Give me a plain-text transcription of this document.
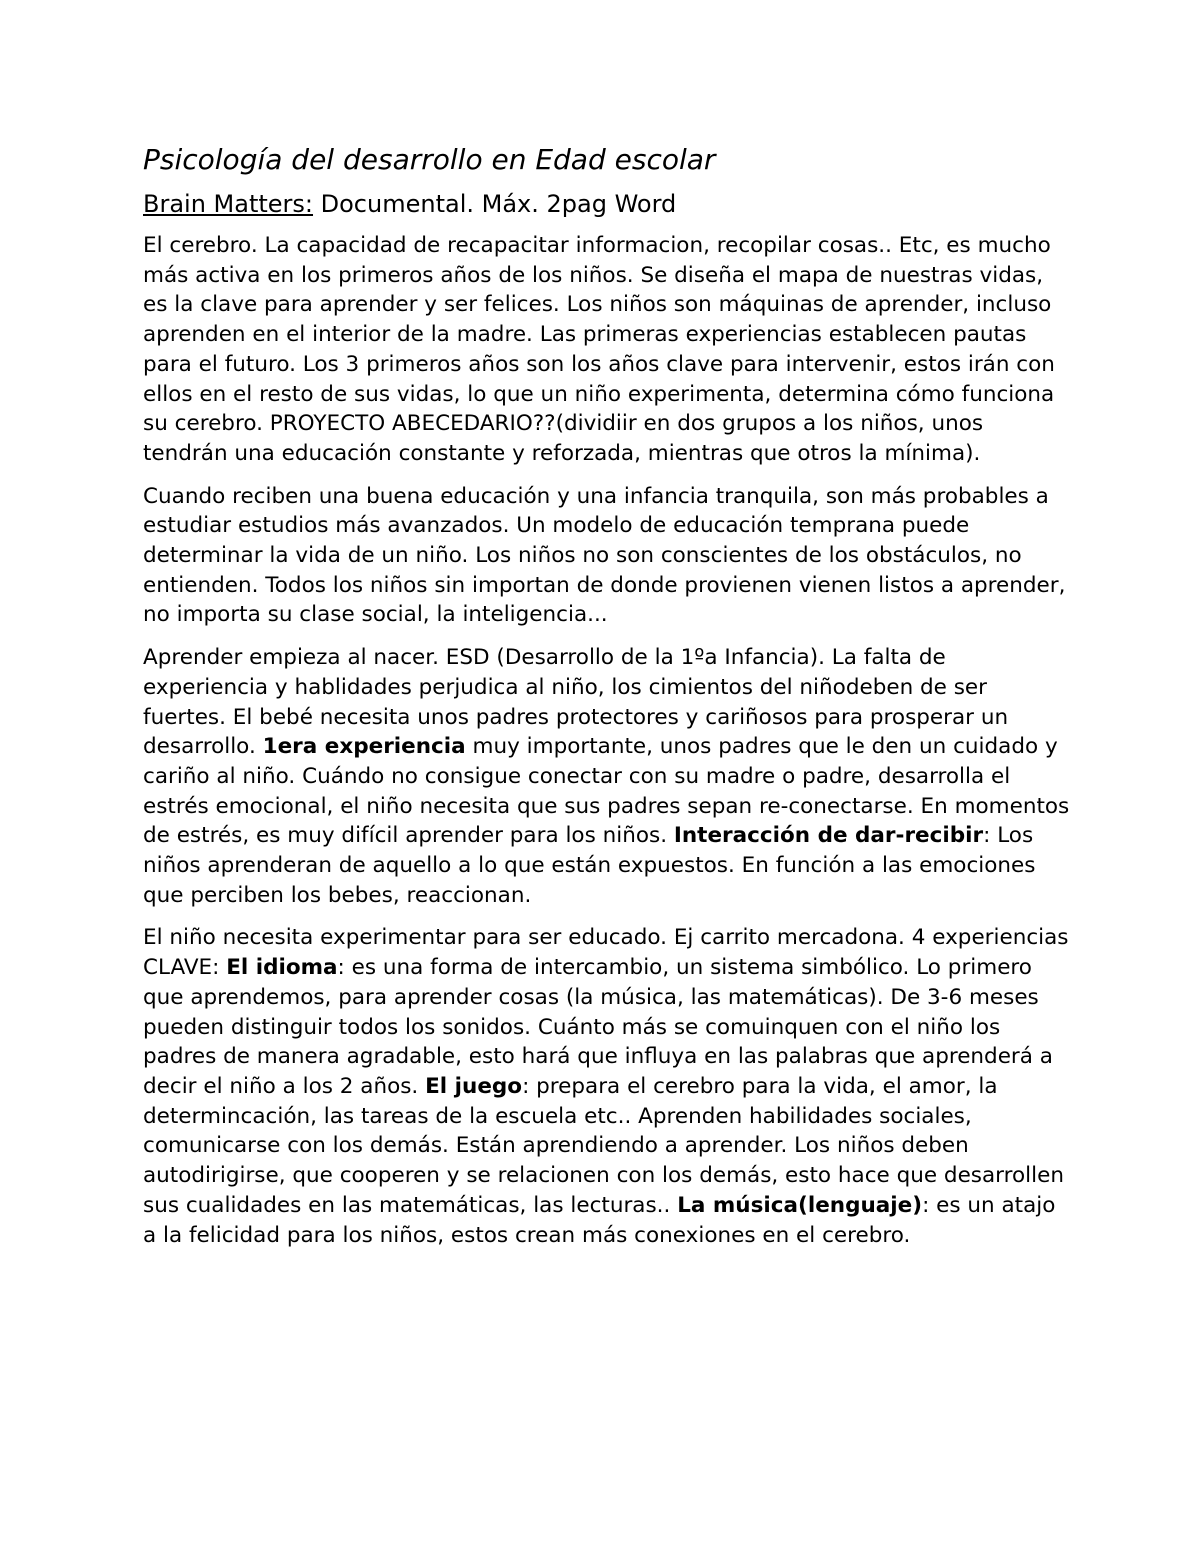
Psicología del desarrollo en Edad escolar
Brain Matters: Documental. Máx. 2pag Word

El cerebro. La capacidad de recapacitar informacion, recopilar cosas.. Etc, es mucho más activa en los primeros años de los niños. Se diseña el mapa de nuestras vidas, es la clave para aprender y ser felices. Los niños son máquinas de aprender, incluso aprenden en el interior de la madre. Las primeras experiencias establecen pautas para el futuro. Los 3 primeros años son los años clave para intervenir, estos irán con ellos en el resto de sus vidas, lo que un niño experimenta, determina cómo funciona su cerebro. PROYECTO ABECEDARIO??(dividiir en dos grupos a los niños, unos tendrán una educación constante y reforzada, mientras que otros la mínima).

Cuando reciben una buena educación y una infancia tranquila, son más probables a estudiar estudios más avanzados. Un modelo de educación temprana puede determinar la vida de un niño. Los niños no son conscientes de los obstáculos, no entienden. Todos los niños sin importan de donde provienen vienen listos a aprender, no importa su clase social, la inteligencia...

Aprender empieza al nacer. ESD (Desarrollo de la 1ºa Infancia). La falta de experiencia y hablidades perjudica al niño, los cimientos del niñodeben de ser fuertes. El bebé necesita unos padres protectores y cariñosos para prosperar un desarrollo. 1era experiencia muy importante, unos padres que le den un cuidado y cariño al niño. Cuándo no consigue conectar con su madre o padre, desarrolla el estrés emocional, el niño necesita que sus padres sepan re-conectarse. En momentos de estrés, es muy difícil aprender para los niños. Interacción de dar-recibir: Los niños aprenderan de aquello a lo que están expuestos. En función a las emociones que perciben los bebes, reaccionan.

El niño necesita experimentar para ser educado. Ej carrito mercadona. 4 experiencias CLAVE: El idioma: es una forma de intercambio, un sistema simbólico. Lo primero que aprendemos, para aprender cosas (la música, las matemáticas). De 3-6 meses pueden distinguir todos los sonidos. Cuánto más se comuinquen con el niño los padres de manera agradable, esto hará que influya en las palabras que aprenderá a decir el niño a los 2 años. El juego: prepara el cerebro para la vida, el amor, la determincación, las tareas de la escuela etc.. Aprenden habilidades sociales, comunicarse con los demás. Están aprendiendo a aprender. Los niños deben autodirigirse, que cooperen y se relacionen con los demás, esto hace que desarrollen sus cualidades en las matemáticas, las lecturas.. La música(lenguaje): es un atajo a la felicidad para los niños, estos crean más conexiones en el cerebro.
